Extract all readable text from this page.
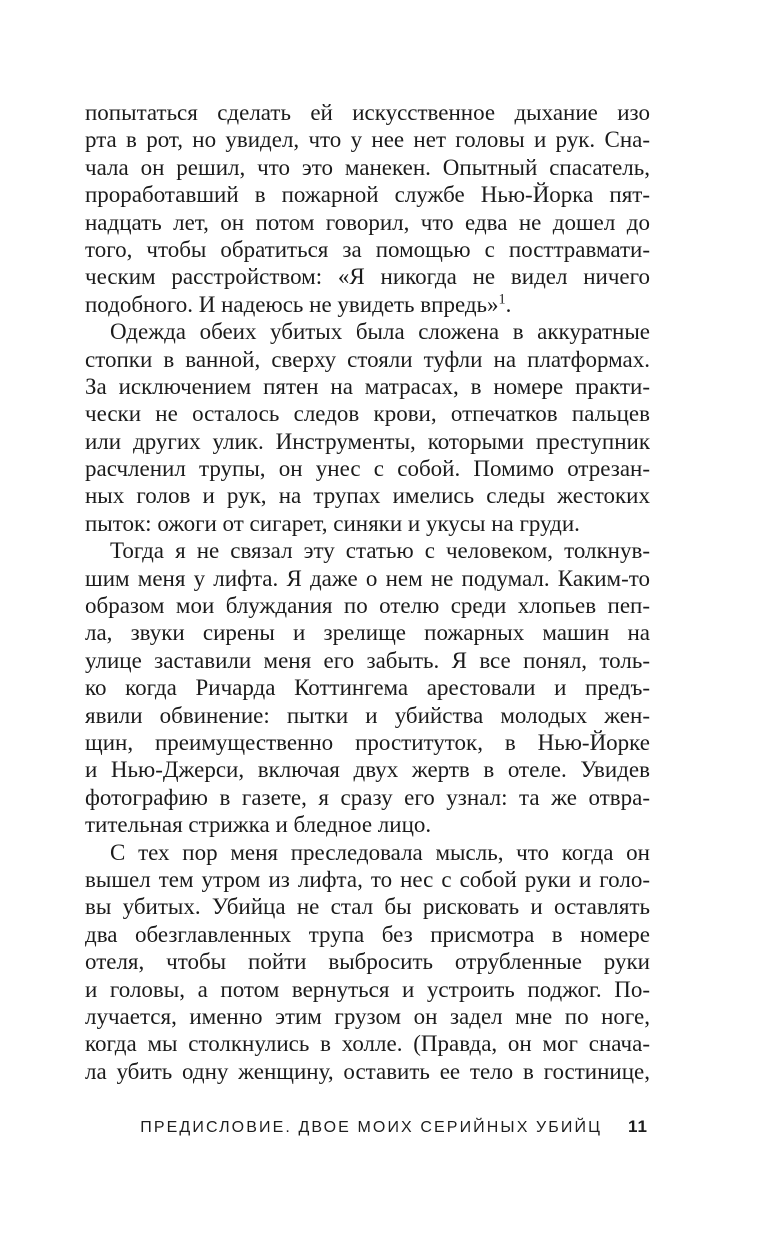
попытаться сделать ей искусственное дыхание изо
рта в рот, но увидел, что у нее нет головы и рук. Сна-
чала он решил, что это манекен. Опытный спасатель,
проработавший в пожарной службе Нью-Йорка пят-
надцать лет, он потом говорил, что едва не дошел до
того, чтобы обратиться за помощью с посттравмати-
ческим расстройством: «Я никогда не видел ничего
подобного. И надеюсь не увидеть впредь»$^1$.
Одежда обеих убитых была сложена в аккуратные
стопки в ванной, сверху стояли туфли на платформах.
За исключением пятен на матрасах, в номере практи-
чески не осталось следов крови, отпечатков пальцев
или других улик. Инструменты, которыми преступник
расчленил трупы, он унес с собой. Помимо отрезан-
ных голов и рук, на трупах имелись следы жестоких
пыток: ожоги от сигарет, синяки и укусы на груди.
Тогда я не связал эту статью с человеком, толкнув-
шим меня у лифта. Я даже о нем не подумал. Каким-то
образом мои блуждания по отелю среди хлопьев пеп-
ла, звуки сирены и зрелище пожарных машин на
улице заставили меня его забыть. Я все понял, толь-
ко когда Ричарда Коттингема арестовали и предъ-
явили обвинение: пытки и убийства молодых жен-
щин, преимущественно проституток, в Нью-Йорке
и Нью-Джерси, включая двух жертв в отеле. Увидев
фотографию в газете, я сразу его узнал: та же отвра-
тительная стрижка и бледное лицо.
С тех пор меня преследовала мысль, что когда он
вышел тем утром из лифта, то нес с собой руки и голо-
вы убитых. Убийца не стал бы рисковать и оставлять
два обезглавленных трупа без присмотра в номере
отеля, чтобы пойти выбросить отрубленные руки
и головы, а потом вернуться и устроить поджог. По-
лучается, именно этим грузом он задел мне по ноге,
когда мы столкнулись в холле. (Правда, он мог снача-
ла убить одну женщину, оставить ее тело в гостинице,
ПРЕДИСЛОВИЕ. ДВОЕ МОИХ СЕРИЙНЫХ УБИЙЦ 11
